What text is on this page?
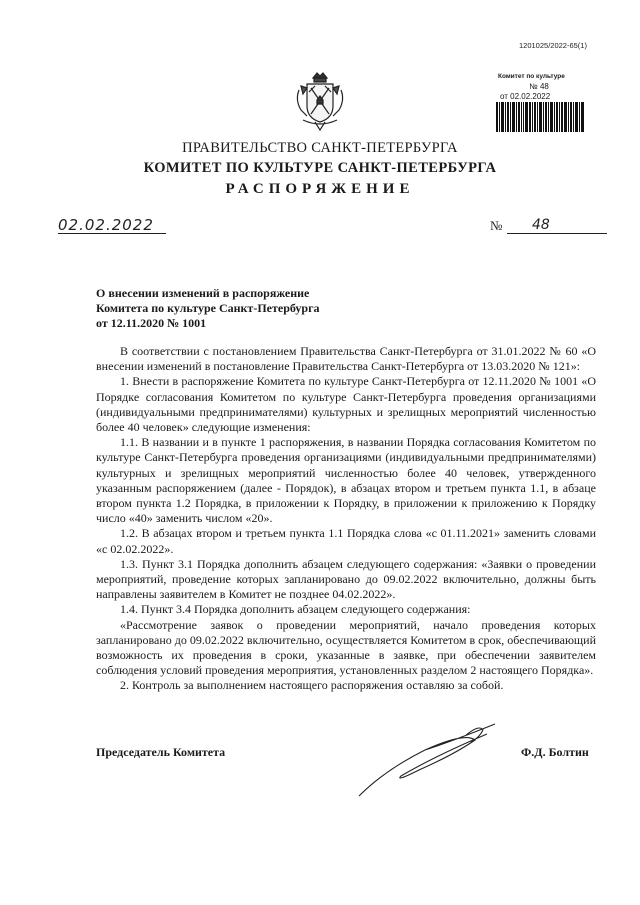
1201025/2022-65(1)
Комитет по культуре
№ 48
от 02.02.2022
ПРАВИТЕЛЬСТВО САНКТ-ПЕТЕРБУРГА
КОМИТЕТ ПО КУЛЬТУРЕ САНКТ-ПЕТЕРБУРГА
РАСПОРЯЖЕНИЕ
02.02.2022	№	48
О внесении изменений в распоряжение
Комитета по культуре Санкт-Петербурга
от 12.11.2020 № 1001

В соответствии с постановлением Правительства Санкт-Петербурга от 31.01.2022 № 60 «О внесении изменений в постановление Правительства Санкт-Петербурга от 13.03.2020 № 121»:

1. Внести в распоряжение Комитета по культуре Санкт-Петербурга от 12.11.2020 № 1001 «О Порядке согласования Комитетом по культуре Санкт-Петербурга проведения организациями (индивидуальными предпринимателями) культурных и зрелищных мероприятий численностью более 40 человек» следующие изменения:

1.1. В названии и в пункте 1 распоряжения, в названии Порядка согласования Комитетом по культуре Санкт-Петербурга проведения организациями (индивидуальными предпринимателями) культурных и зрелищных мероприятий численностью более 40 человек, утвержденного указанным распоряжением (далее - Порядок), в абзацах втором и третьем пункта 1.1, в абзаце втором пункта 1.2 Порядка, в приложении к Порядку, в приложении к приложению к Порядку число «40» заменить числом «20».

1.2. В абзацах втором и третьем пункта 1.1 Порядка слова «с 01.11.2021» заменить словами «с 02.02.2022».

1.3. Пункт 3.1 Порядка дополнить абзацем следующего содержания: «Заявки о проведении мероприятий, проведение которых запланировано до 09.02.2022 включительно, должны быть направлены заявителем в Комитет не позднее 04.02.2022».

1.4. Пункт 3.4 Порядка дополнить абзацем следующего содержания:

«Рассмотрение заявок о проведении мероприятий, начало проведения которых запланировано до 09.02.2022 включительно, осуществляется Комитетом в срок, обеспечивающий возможность их проведения в сроки, указанные в заявке, при обеспечении заявителем соблюдения условий проведения мероприятия, установленных разделом 2 настоящего Порядка».

2. Контроль за выполнением настоящего распоряжения оставляю за собой.

Председатель Комитета	Ф.Д. Болтин
